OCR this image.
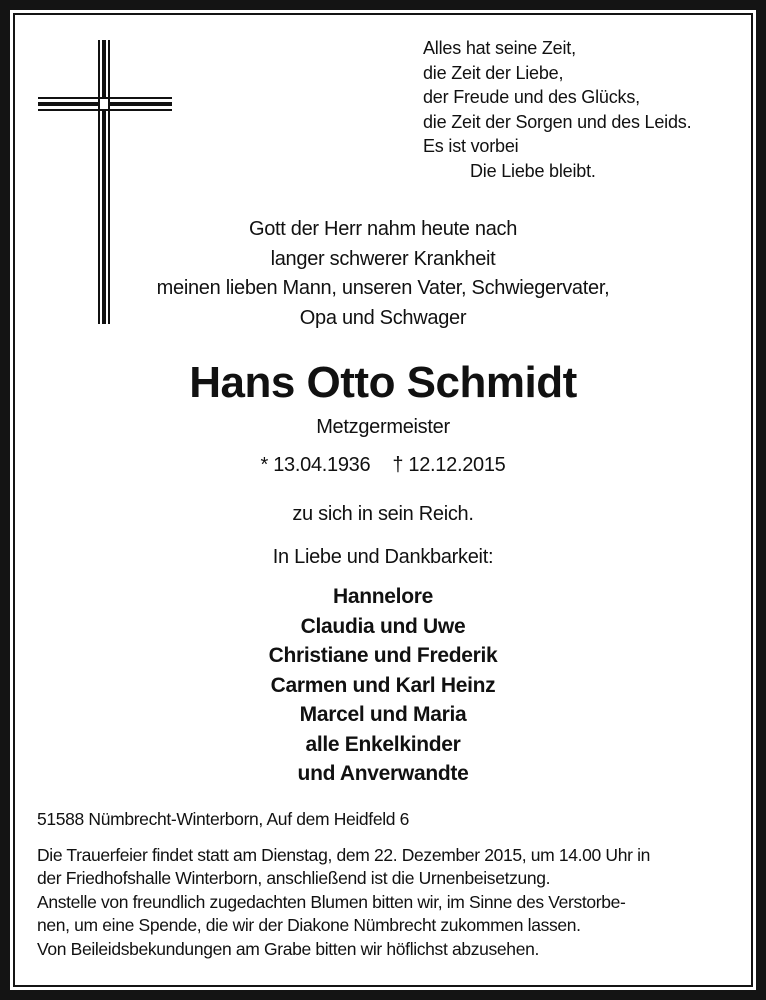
Alles hat seine Zeit,
die Zeit der Liebe,
der Freude und des Glücks,
die Zeit der Sorgen und des Leids.
Es ist vorbei
Die Liebe bleibt.
Gott der Herr nahm heute nach
langer schwerer Krankheit
meinen lieben Mann, unseren Vater, Schwiegervater,
Opa und Schwager
Hans Otto Schmidt
Metzgermeister
* 13.04.1936 † 12.12.2015
zu sich in sein Reich.
In Liebe und Dankbarkeit:
Hannelore
Claudia und Uwe
Christiane und Frederik
Carmen und Karl Heinz
Marcel und Maria
alle Enkelkinder
und Anverwandte
51588 Nümbrecht-Winterborn, Auf dem Heidfeld 6
Die Trauerfeier findet statt am Dienstag, dem 22. Dezember 2015, um 14.00 Uhr in
der Friedhofshalle Winterborn, anschließend ist die Urnenbeisetzung.
Anstelle von freundlich zugedachten Blumen bitten wir, im Sinne des Verstorbe-
nen, um eine Spende, die wir der Diakone Nümbrecht zukommen lassen.
Von Beileidsbekundungen am Grabe bitten wir höflichst abzusehen.
